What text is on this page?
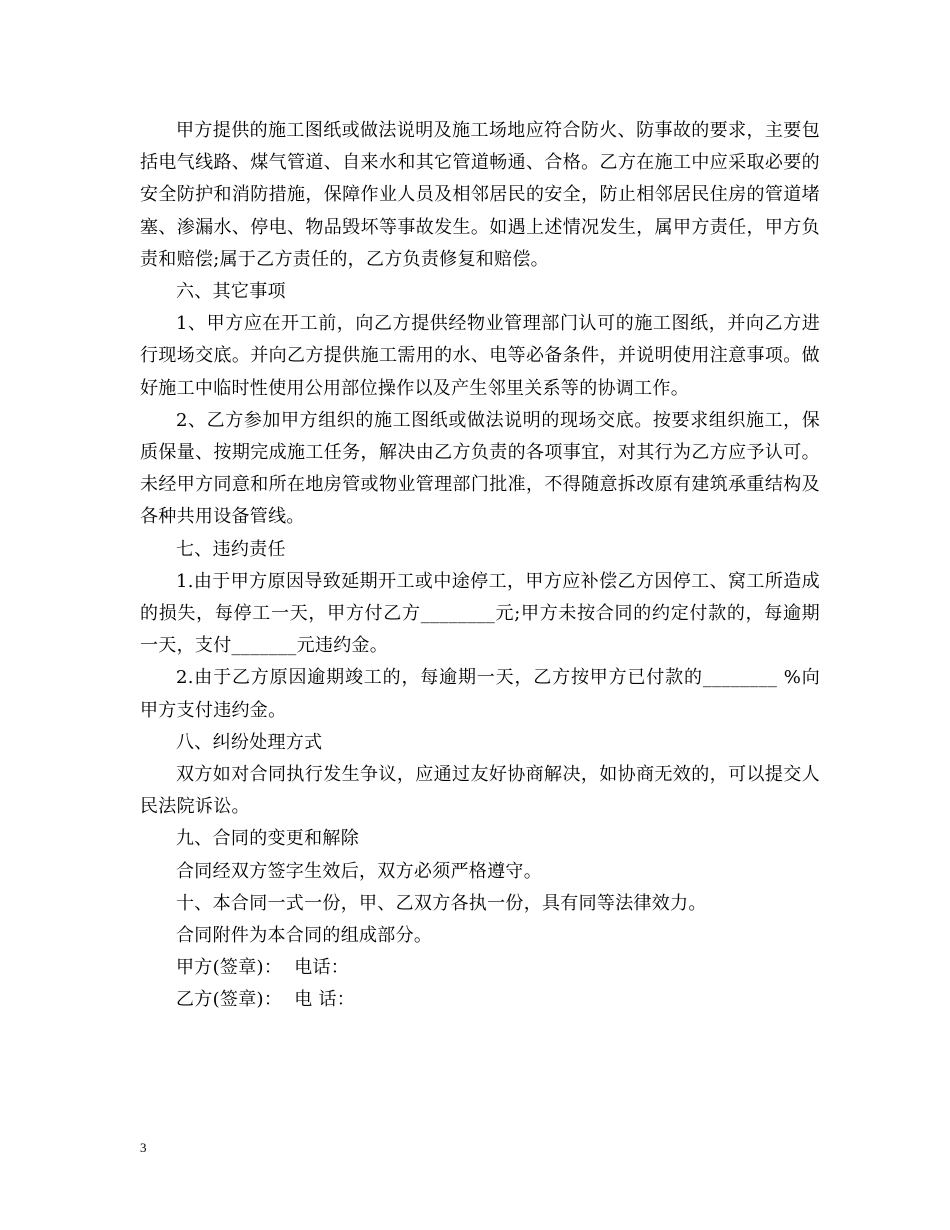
甲方提供的施工图纸或做法说明及施工场地应符合防火、防事故的要求，主要包括电气线路、煤气管道、自来水和其它管道畅通、合格。乙方在施工中应采取必要的安全防护和消防措施，保障作业人员及相邻居民的安全，防止相邻居民住房的管道堵塞、渗漏水、停电、物品毁坏等事故发生。如遇上述情况发生，属甲方责任，甲方负责和赔偿;属于乙方责任的，乙方负责修复和赔偿。

六、其它事项

1、甲方应在开工前，向乙方提供经物业管理部门认可的施工图纸，并向乙方进行现场交底。并向乙方提供施工需用的水、电等必备条件，并说明使用注意事项。做好施工中临时性使用公用部位操作以及产生邻里关系等的协调工作。

2、乙方参加甲方组织的施工图纸或做法说明的现场交底。按要求组织施工，保质保量、按期完成施工任务，解决由乙方负责的各项事宜，对其行为乙方应予认可。未经甲方同意和所在地房管或物业管理部门批准，不得随意拆改原有建筑承重结构及各种共用设备管线。

七、违约责任

1.由于甲方原因导致延期开工或中途停工，甲方应补偿乙方因停工、窝工所造成的损失，每停工一天，甲方付乙方________元;甲方未按合同的约定付款的，每逾期一天，支付_______元违约金。

2.由于乙方原因逾期竣工的，每逾期一天，乙方按甲方已付款的________ %向甲方支付违约金。

八、纠纷处理方式

双方如对合同执行发生争议，应通过友好协商解决，如协商无效的，可以提交人民法院诉讼。

九、合同的变更和解除

合同经双方签字生效后，双方必须严格遵守。

十、本合同一式一份，甲、乙双方各执一份，具有同等法律效力。

合同附件为本合同的组成部分。

甲方(签章)：  电话：

乙方(签章)：  电 话：

3
